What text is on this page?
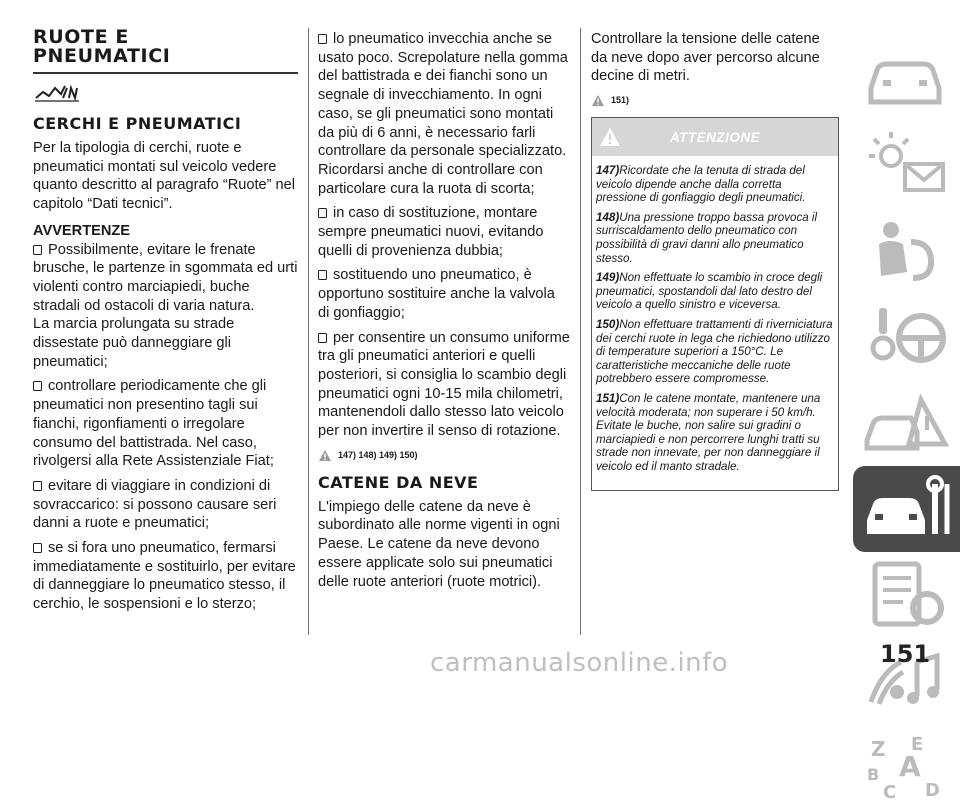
RUOTE E
PNEUMATICI
CERCHI E PNEUMATICI

Per la tipologia di cerchi, ruote e pneumatici montati sul veicolo vedere quanto descritto al paragrafo “Ruote” nel capitolo “Dati tecnici”.

AVVERTENZE

Possibilmente, evitare le frenate brusche, le partenze in sgommata ed urti violenti contro marciapiedi, buche stradali od ostacoli di varia natura.

La marcia prolungata su strade dissestate può danneggiare gli pneumatici;

controllare periodicamente che gli pneumatici non presentino tagli sui fianchi, rigonfiamenti o irregolare consumo del battistrada. Nel caso, rivolgersi alla Rete Assistenziale Fiat;

evitare di viaggiare in condizioni di sovraccarico: si possono causare seri danni a ruote e pneumatici;

se si fora uno pneumatico, fermarsi immediatamente e sostituirlo, per evitare di danneggiare lo pneumatico stesso, il cerchio, le sospensioni e lo sterzo;

lo pneumatico invecchia anche se usato poco. Screpolature nella gomma del battistrada e dei fianchi sono un segnale di invecchiamento. In ogni caso, se gli pneumatici sono montati da più di 6 anni, è necessario farli controllare da personale specializzato. Ricordarsi anche di controllare con particolare cura la ruota di scorta;

in caso di sostituzione, montare sempre pneumatici nuovi, evitando quelli di provenienza dubbia;

sostituendo uno pneumatico, è opportuno sostituire anche la valvola di gonfiaggio;

per consentire un consumo uniforme tra gli pneumatici anteriori e quelli posteriori, si consiglia lo scambio degli pneumatici ogni 10-15 mila chilometri, mantenendoli dallo stesso lato veicolo per non invertire il senso di rotazione.

147) 148) 149) 150)
CATENE DA NEVE

L'impiego delle catene da neve è subordinato alle norme vigenti in ogni Paese. Le catene da neve devono essere applicate solo sui pneumatici delle ruote anteriori (ruote motrici).

Controllare la tensione delle catene da neve dopo aver percorso alcune decine di metri.

151)
ATTENZIONE

147)Ricordate che la tenuta di strada del veicolo dipende anche dalla corretta pressione di gonfiaggio degli pneumatici.

148)Una pressione troppo bassa provoca il surriscaldamento dello pneumatico con possibilità di gravi danni allo pneumatico stesso.

149)Non effettuate lo scambio in croce degli pneumatici, spostandoli dal lato destro del veicolo a quello sinistro e viceversa.

150)Non effettuare trattamenti di riverniciatura dei cerchi ruote in lega che richiedono utilizzo di temperature superiori a 150°C. Le caratteristiche meccaniche delle ruote potrebbero essere compromesse.

151)Con le catene montate, mantenere una velocità moderata; non superare i 50 km/h. Evitate le buche, non salire sui gradini o marciapiedi e non percorrere lunghi tratti su strade non innevate, per non danneggiare il veicolo ed il manto stradale.

Z E
B A
C D
151
carmanualsonline.info
